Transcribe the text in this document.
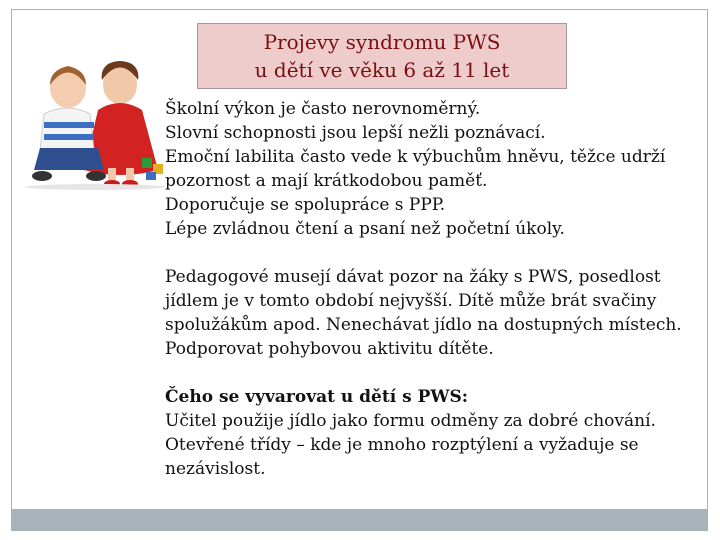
Projevy syndromu PWS
u dětí ve věku 6 až 11 let

Školní výkon je často nerovnoměrný.

Slovní schopnosti jsou lepší nežli poznávací.

Emoční labilita často vede k výbuchům hněvu, těžce udrží

pozornost a mají krátkodobou paměť.

Doporučuje se spolupráce s PPP.

Lépe zvládnou čtení a psaní než početní úkoly.

Pedagogové musejí dávat pozor na žáky s PWS, posedlost

jídlem je v tomto období nejvyšší. Dítě může brát svačiny

spolužákům apod. Nenechávat jídlo na dostupných místech.

Podporovat pohybovou aktivitu dítěte.

Čeho se vyvarovat u dětí s PWS:

Učitel použije jídlo jako formu odměny za dobré chování.

Otevřené třídy – kde je mnoho rozptýlení a vyžaduje se

nezávislost.
